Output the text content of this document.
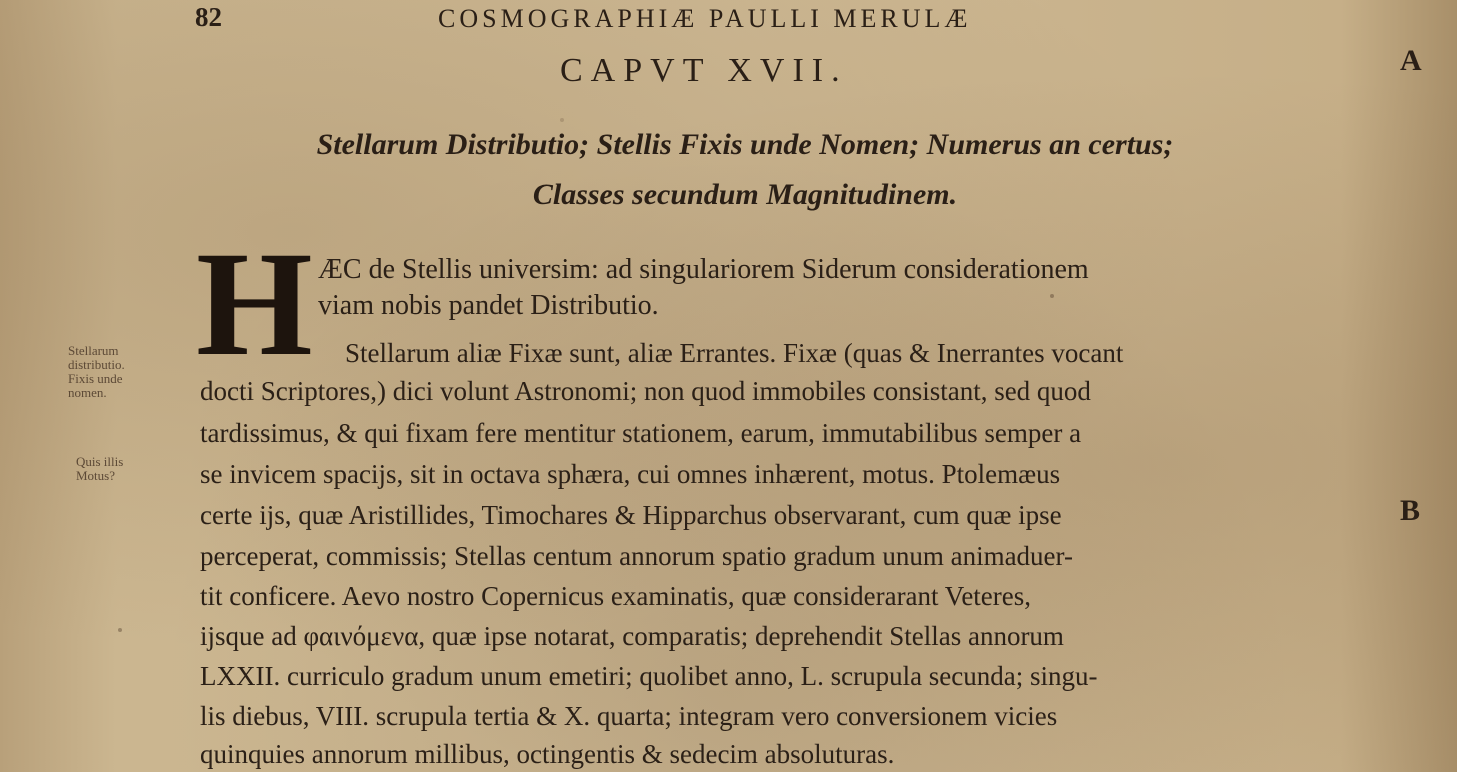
82	COSMOGRAPHIÆ PAULLI MERULÆ
CAPVT XVII.
Stellarum Distributio; Stellis Fixis unde Nomen; Numerus an certus;
Classes secundum Magnitudinem.
H ÆC de Stellis universim: ad singulariorem Siderum considerationem
viam nobis pandet Distributio.
Stellarum aliæ Fixæ sunt, aliæ Errantes. Fixæ (quas & Inerrantes vocant
docti Scriptores,) dici volunt Astronomi; non quod immobiles consistant, sed quod
tardissimus, & qui fixam fere mentitur stationem, earum, immutabilibus semper a
se invicem spacijs, sit in octava sphæra, cui omnes inhærent, motus. Ptolemæus
certe ijs, quæ Aristillides, Timochares & Hipparchus observarant, cum quæ ipse
perceperat, commissis; Stellas centum annorum spatio gradum unum animaduer-
tit conficere. Aevo nostro Copernicus examinatis, quæ considerarant Veteres,
ijsque ad φαινόμενα, quæ ipse notarat, comparatis; deprehendit Stellas annorum
LXXII. curriculo gradum unum emetiri; quolibet anno, L. scrupula secunda; singu-
lis diebus, VIII. scrupula tertia & X. quarta; integram vero conversionem vicies
quinquies annorum millibus, octingentis & sedecim absoluturas.
Stellarum
distributio.
Fixis unde
nomen.
Quis illis
Motus?
A
B
